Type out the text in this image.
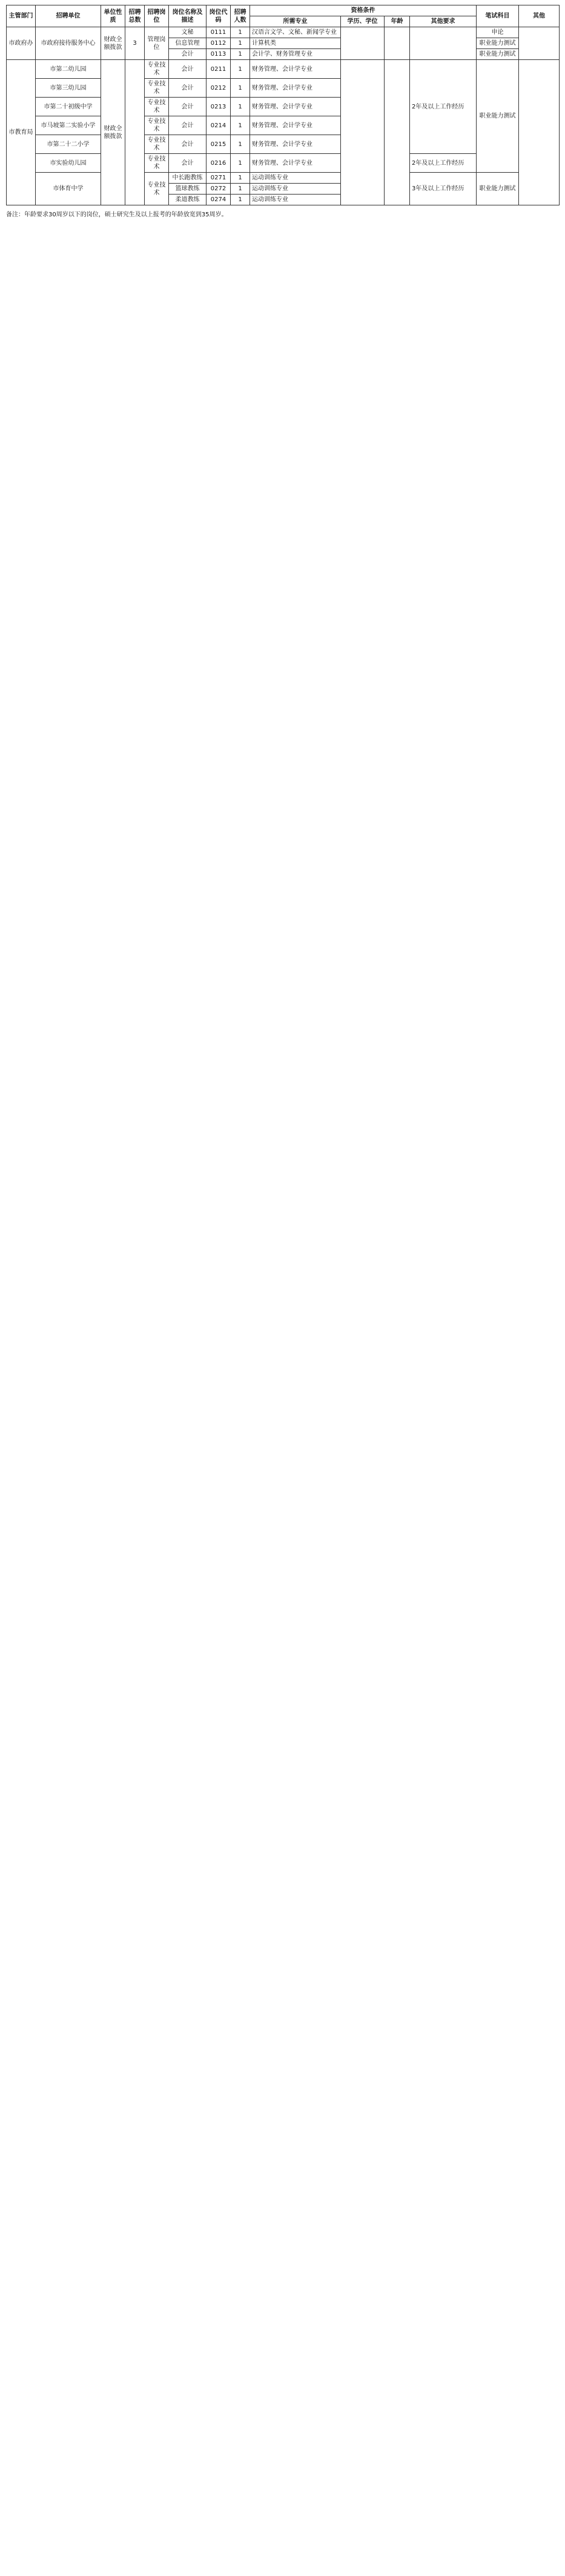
主管部门	招聘单位	单位性质	招聘总数	招聘岗位	岗位名称及描述	岗位代码	招聘人数	资格条件				笔试科目	其他
								所需专业	学历、学位	年龄	其他要求		
市政府办	市政府接待服务中心	财政全额拨款	3	管理岗位	文秘	0111	1	汉语言文学、文秘、新闻学专业				申论	
					信息管理	0112	1	计算机类				职业能力测试	
					会计	0113	1	会计学、财务管理专业				职业能力测试	
市教育局	市第二幼儿园	财政全额拨款		专业技术	会计	0211	1	财务管理、会计学专业			2年及以上工作经历	职业能力测试	
	市第三幼儿园			专业技术	会计	0212	1	财务管理、会计学专业					
	市第二十初级中学			专业技术	会计	0213	1	财务管理、会计学专业					
	市马坡第二实验小学			专业技术	会计	0214	1	财务管理、会计学专业					
	市第二十二小学			专业技术	会计	0215	1	财务管理、会计学专业					
	市实验幼儿园			专业技术	会计	0216	1	财务管理、会计学专业			2年及以上工作经历		
	市体育中学			专业技术	中长跑教练	0271	1	运动训练专业			3年及以上工作经历	职业能力测试	
					篮球教练	0272	1	运动训练专业					
					柔道教练	0274	1	运动训练专业					
备注：年龄要求30周岁以下的岗位，硕士研究生及以上报考的年龄放宽到35周岁。
